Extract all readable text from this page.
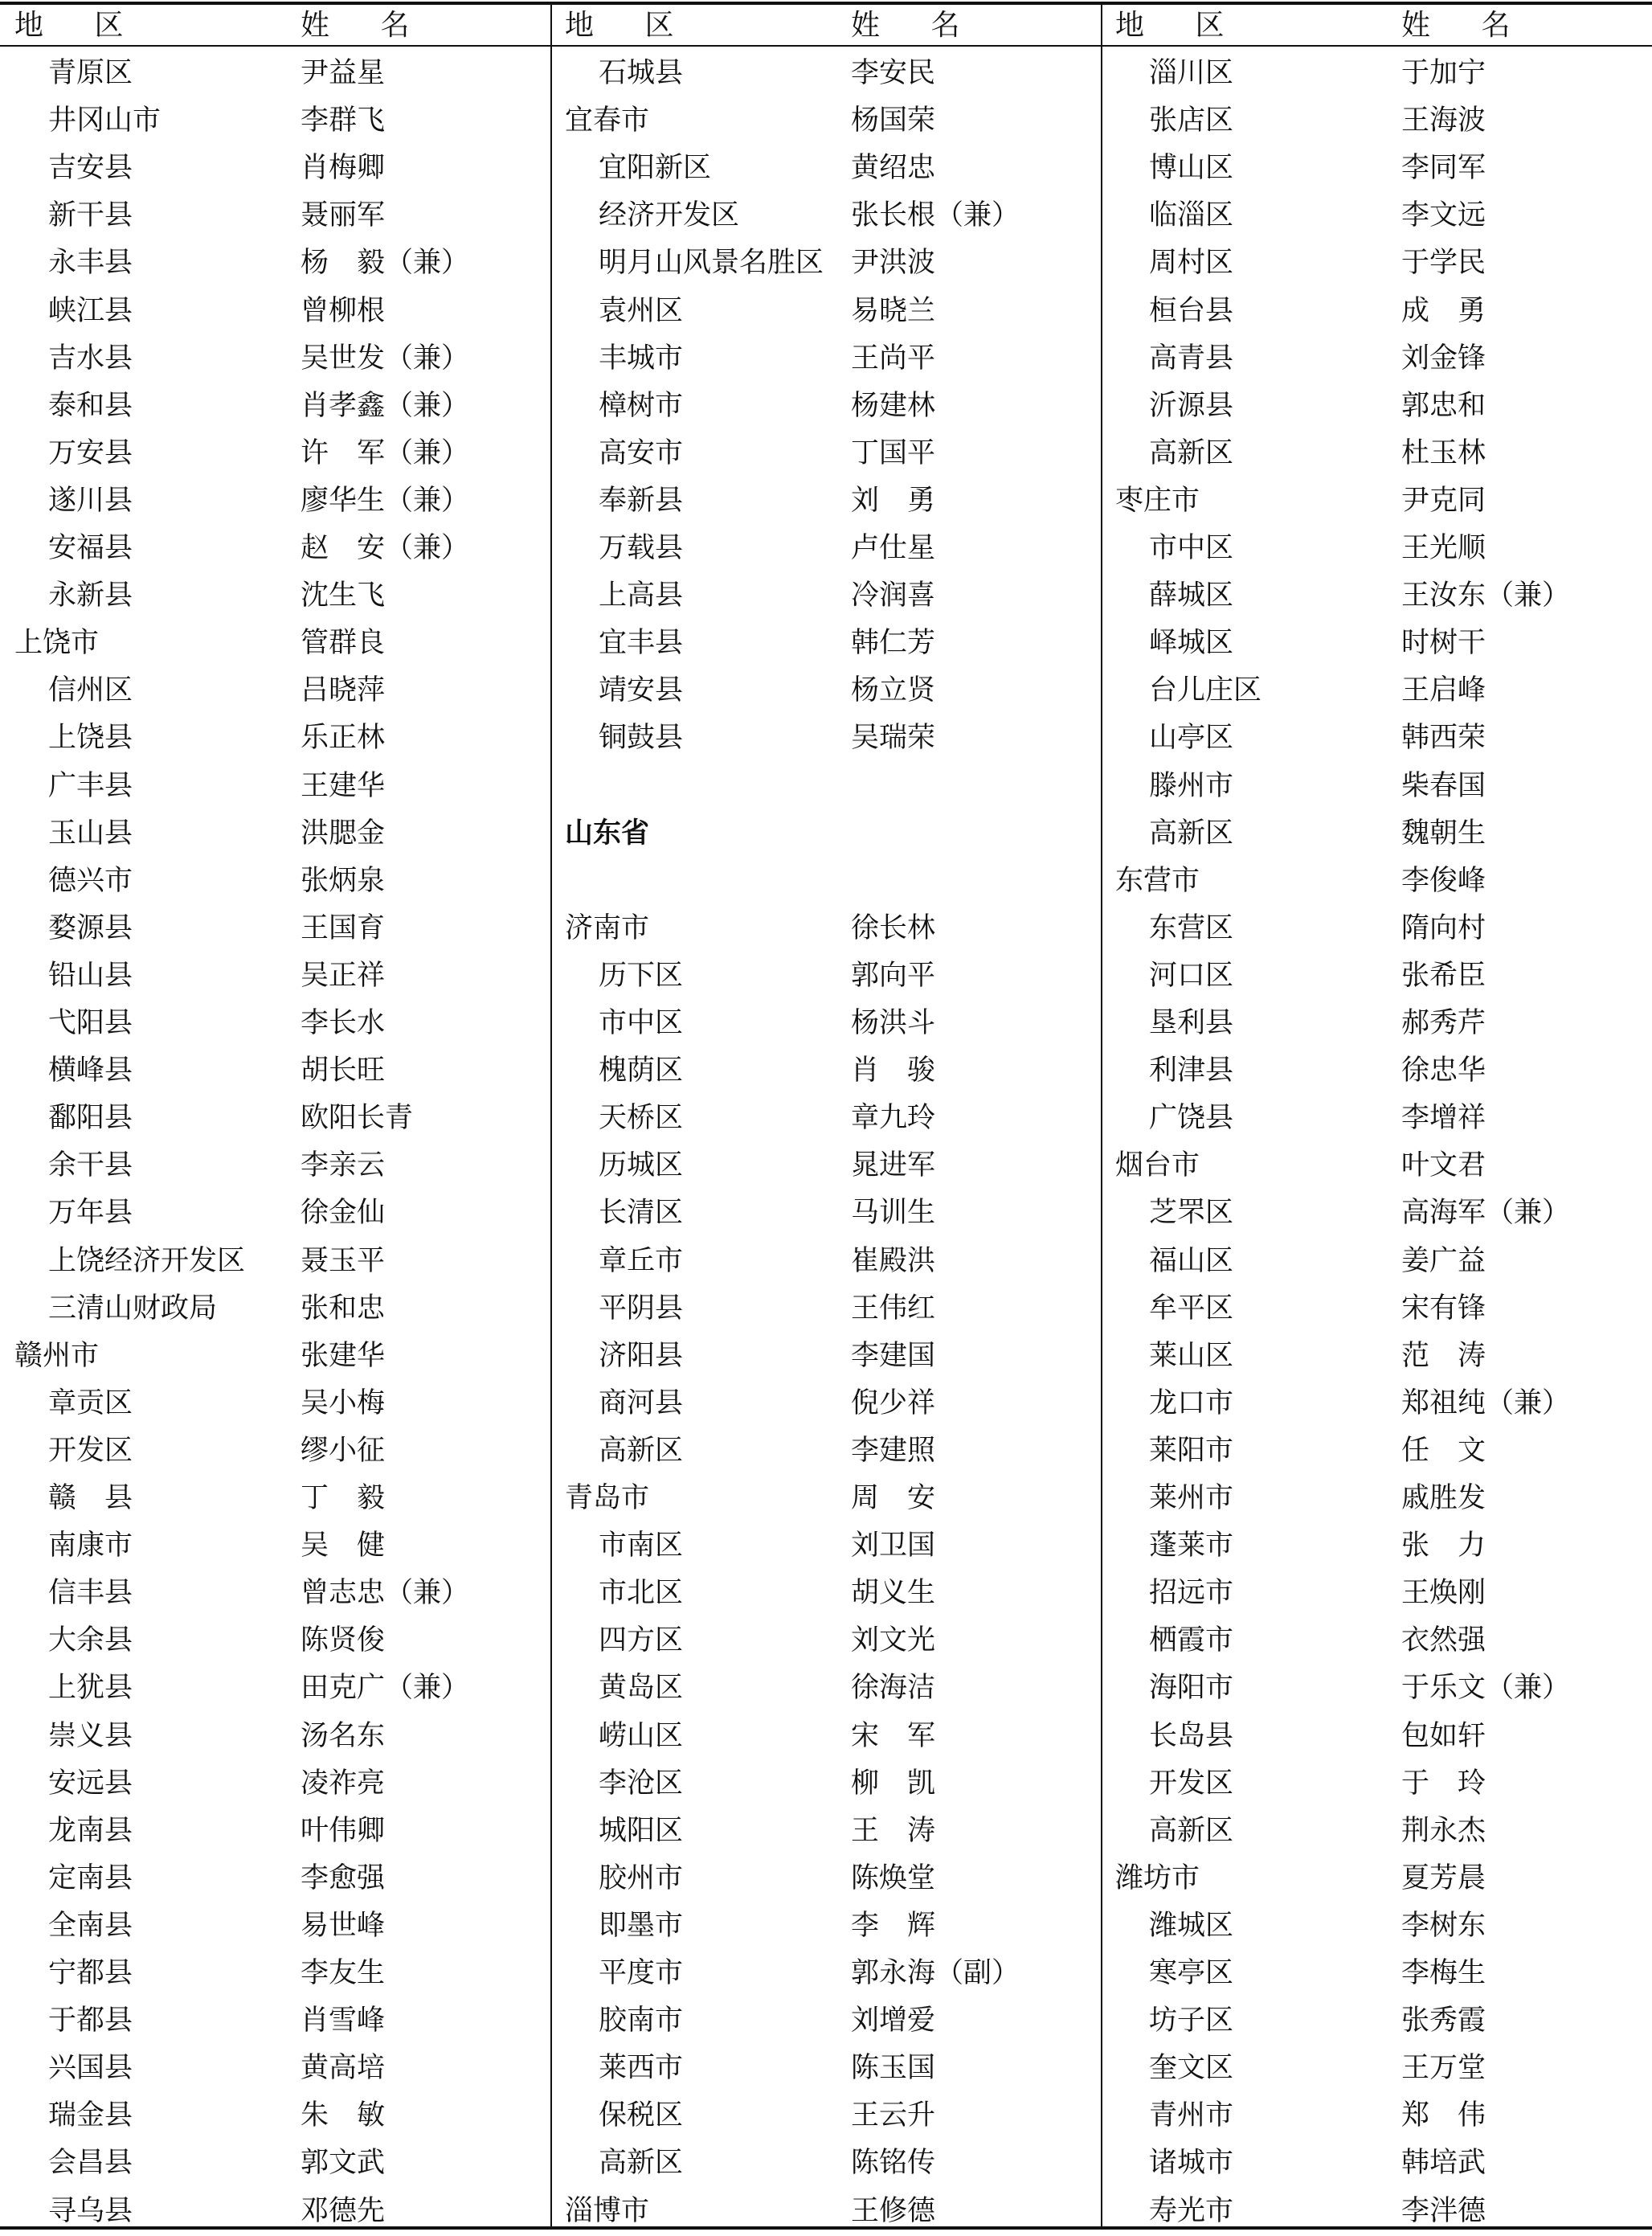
地 区	姓 名
青原区	尹益星
井冈山市	李群飞
吉安县	肖梅卿
新干县	聂丽军
永丰县	杨　毅（兼）
峡江县	曾柳根
吉水县	吴世发（兼）
泰和县	肖孝鑫（兼）
万安县	许　军（兼）
遂川县	廖华生（兼）
安福县	赵　安（兼）
永新县	沈生飞
上饶市	管群良
信州区	吕晓萍
上饶县	乐正林
广丰县	王建华
玉山县	洪腮金
德兴市	张炳泉
婺源县	王国育
铅山县	吴正祥
弋阳县	李长水
横峰县	胡长旺
鄱阳县	欧阳长青
余干县	李亲云
万年县	徐金仙
上饶经济开发区 聂玉平
三清山财政局	张和忠
赣州市	张建华
章贡区	吴小梅
开发区	缪小征
赣　县	丁　毅
南康市	吴　健
信丰县	曾志忠（兼）
大余县	陈贤俊
上犹县	田克广（兼）
崇义县	汤名东
安远县	凌祚亮
龙南县	叶伟卿
定南县	李愈强
全南县	易世峰
宁都县	李友生
于都县	肖雪峰
兴国县	黄高培
瑞金县	朱　敏
会昌县	郭文武
寻乌县	邓德先
地 区	姓 名
石城县	李安民
宜春市	杨国荣
宜阳新区	黄绍忠
经济开发区	张长根（兼）
明月山风景名胜区 尹洪波
袁州区	易晓兰
丰城市	王尚平
樟树市	杨建林
高安市	丁国平
奉新县	刘　勇
万载县	卢仕星
上高县	冷润喜
宜丰县	韩仁芳
靖安县	杨立贤
铜鼓县	吴瑞荣
山东省
济南市	徐长林
历下区	郭向平
市中区	杨洪斗
槐荫区	肖　骏
天桥区	章九玲
历城区	晁进军
长清区	马训生
章丘市	崔殿洪
平阴县	王伟红
济阳县	李建国
商河县	倪少祥
高新区	李建照
青岛市	周　安
市南区	刘卫国
市北区	胡义生
四方区	刘文光
黄岛区	徐海洁
崂山区	宋　军
李沧区	柳　凯
城阳区	王　涛
胶州市	陈焕堂
即墨市	李　辉
平度市	郭永海（副）
胶南市	刘增爱
莱西市	陈玉国
保税区	王云升
高新区	陈铭传
淄博市	王修德
地 区	姓 名
淄川区	于加宁
张店区	王海波
博山区	李同军
临淄区	李文远
周村区	于学民
桓台县	成　勇
高青县	刘金锋
沂源县	郭忠和
高新区	杜玉林
枣庄市	尹克同
市中区	王光顺
薛城区	王汝东（兼）
峄城区	时树干
台儿庄区	王启峰
山亭区	韩西荣
滕州市	柴春国
高新区	魏朝生
东营市	李俊峰
东营区	隋向村
河口区	张希臣
垦利县	郝秀芹
利津县	徐忠华
广饶县	李增祥
烟台市	叶文君
芝罘区	高海军（兼）
福山区	姜广益
牟平区	宋有锋
莱山区	范　涛
龙口市	郑祖纯（兼）
莱阳市	任　文
莱州市	戚胜发
蓬莱市	张　力
招远市	王焕刚
栖霞市	衣然强
海阳市	于乐文（兼）
长岛县	包如轩
开发区	于　玲
高新区	荆永杰
潍坊市	夏芳晨
潍城区	李树东
寒亭区	李梅生
坊子区	张秀霞
奎文区	王万堂
青州市	郑　伟
诸城市	韩培武
寿光市	李泮德
